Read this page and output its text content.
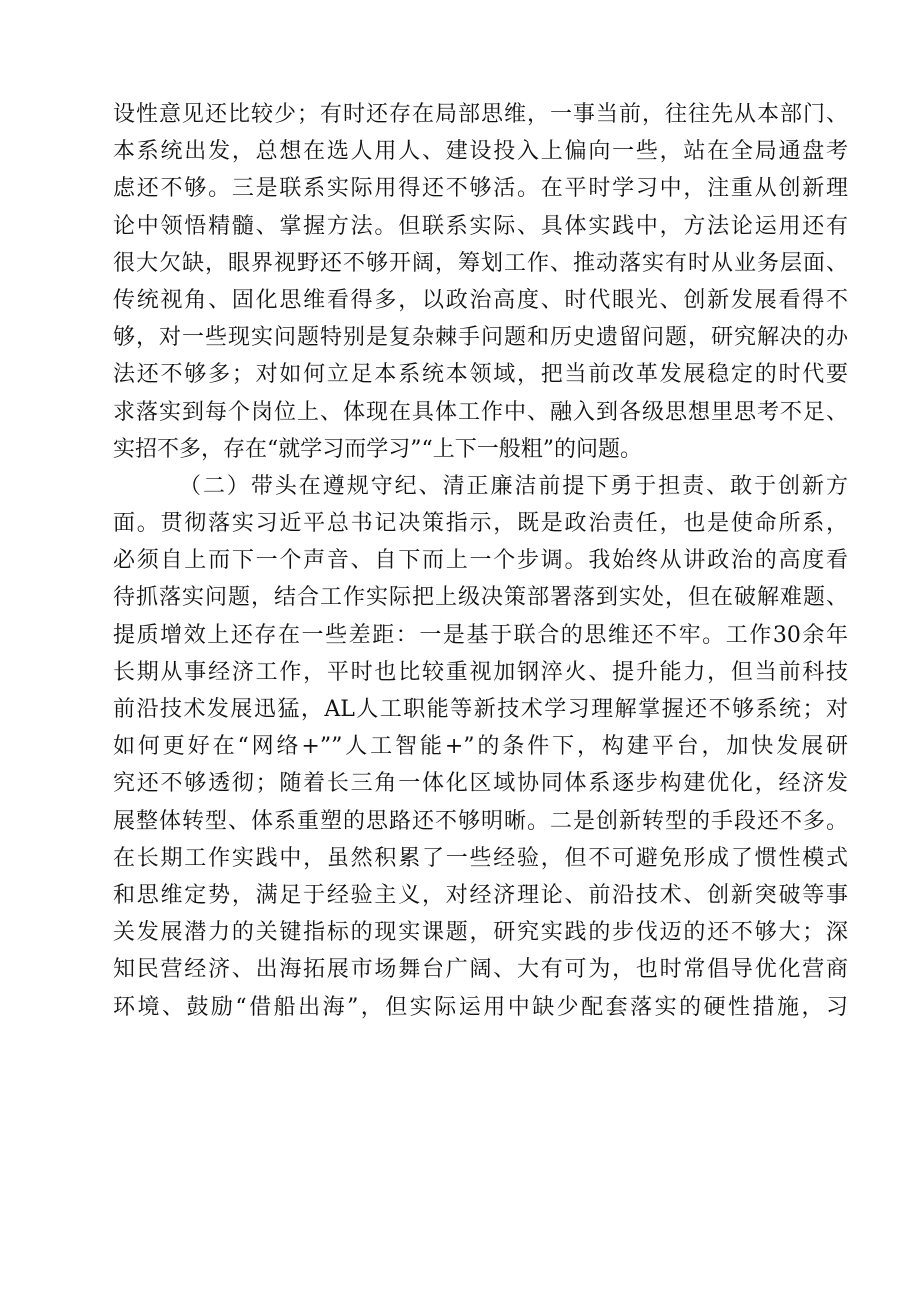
设性意见还比较少；有时还存在局部思维，一事当前，往往先从本部门、
本系统出发，总想在选人用人、建设投入上偏向一些，站在全局通盘考
虑还不够。三是联系实际用得还不够活。在平时学习中，注重从创新理
论中领悟精髓、掌握方法。但联系实际、具体实践中，方法论运用还有
很大欠缺，眼界视野还不够开阔，筹划工作、推动落实有时从业务层面、
传统视角、固化思维看得多，以政治高度、时代眼光、创新发展看得不
够，对一些现实问题特别是复杂棘手问题和历史遗留问题，研究解决的办
法还不够多；对如何立足本系统本领域，把当前改革发展稳定的时代要
求落实到每个岗位上、体现在具体工作中、融入到各级思想里思考不足、
实招不多，存在“就学习而学习”“上下一般粗”的问题。
（二）带头在遵规守纪、清正廉洁前提下勇于担责、敢于创新方
面。贯彻落实习近平总书记决策指示，既是政治责任，也是使命所系，
必须自上而下一个声音、自下而上一个步调。我始终从讲政治的高度看
待抓落实问题，结合工作实际把上级决策部署落到实处，但在破解难题、
提质增效上还存在一些差距：一是基于联合的思维还不牢。工作30余年
长期从事经济工作，平时也比较重视加钢淬火、提升能力，但当前科技
前沿技术发展迅猛，AL人工职能等新技术学习理解掌握还不够系统；对
如何更好在“网络+””人工智能+”的条件下，构建平台，加快发展研
究还不够透彻；随着长三角一体化区域协同体系逐步构建优化，经济发
展整体转型、体系重塑的思路还不够明晰。二是创新转型的手段还不多。
在长期工作实践中，虽然积累了一些经验，但不可避免形成了惯性模式
和思维定势，满足于经验主义，对经济理论、前沿技术、创新突破等事
关发展潜力的关键指标的现实课题，研究实践的步伐迈的还不够大；深
知民营经济、出海拓展市场舞台广阔、大有可为，也时常倡导优化营商
环境、鼓励“借船出海”，但实际运用中缺少配套落实的硬性措施，习
